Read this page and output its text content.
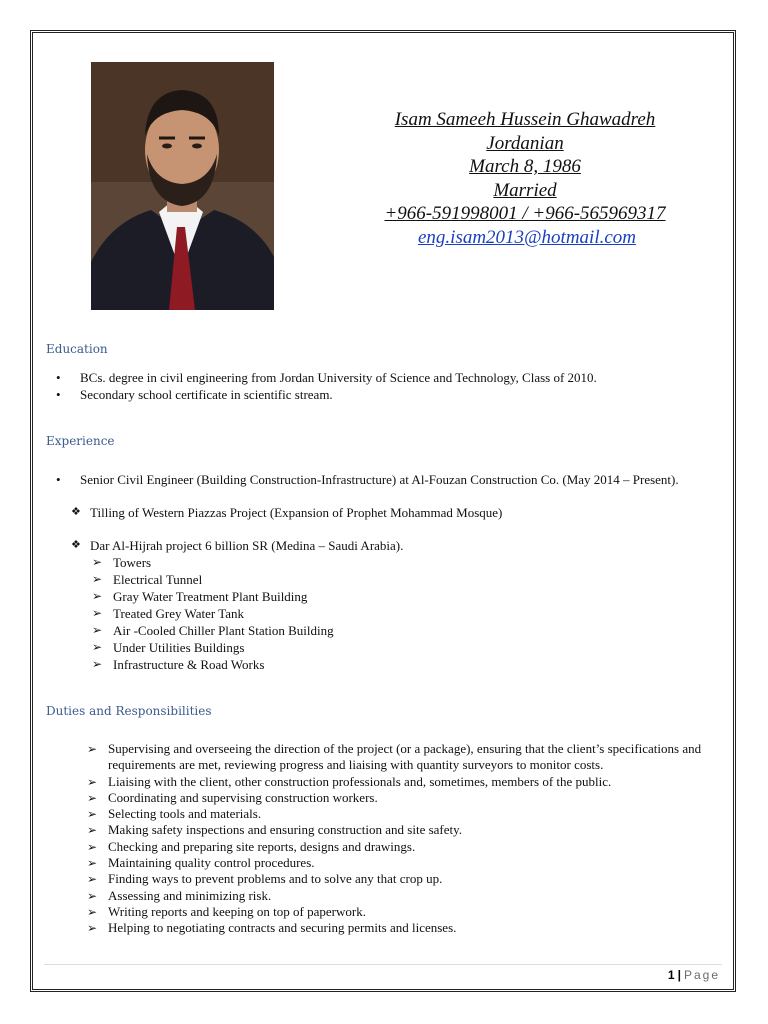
Isam Sameeh Hussein Ghawadreh
Jordanian
March 8, 1986
Married
+966-591998001 / +966-565969317
eng.isam2013@hotmail.com
Education
• BCs. degree in civil engineering from Jordan University of Science and Technology, Class of 2010.
• Secondary school certificate in scientific stream.
Experience
• Senior Civil Engineer (Building Construction-Infrastructure) at Al-Fouzan Construction Co. (May 2014 – Present).
❖ Tilling of Western Piazzas Project (Expansion of Prophet Mohammad Mosque)
❖ Dar Al-Hijrah project 6 billion SR (Medina – Saudi Arabia).
➢ Towers
➢ Electrical Tunnel
➢ Gray Water Treatment Plant Building
➢ Treated Grey Water Tank
➢ Air -Cooled Chiller Plant Station Building
➢ Under Utilities Buildings
➢ Infrastructure & Road Works
Duties and Responsibilities
➢ Supervising and overseeing the direction of the project (or a package), ensuring that the client’s specifications and requirements are met, reviewing progress and liaising with quantity surveyors to monitor costs.
➢ Liaising with the client, other construction professionals and, sometimes, members of the public.
➢ Coordinating and supervising construction workers.
➢ Selecting tools and materials.
➢ Making safety inspections and ensuring construction and site safety.
➢ Checking and preparing site reports, designs and drawings.
➢ Maintaining quality control procedures.
➢ Finding ways to prevent problems and to solve any that crop up.
➢ Assessing and minimizing risk.
➢ Writing reports and keeping on top of paperwork.
➢ Helping to negotiating contracts and securing permits and licenses.
1 | Page
